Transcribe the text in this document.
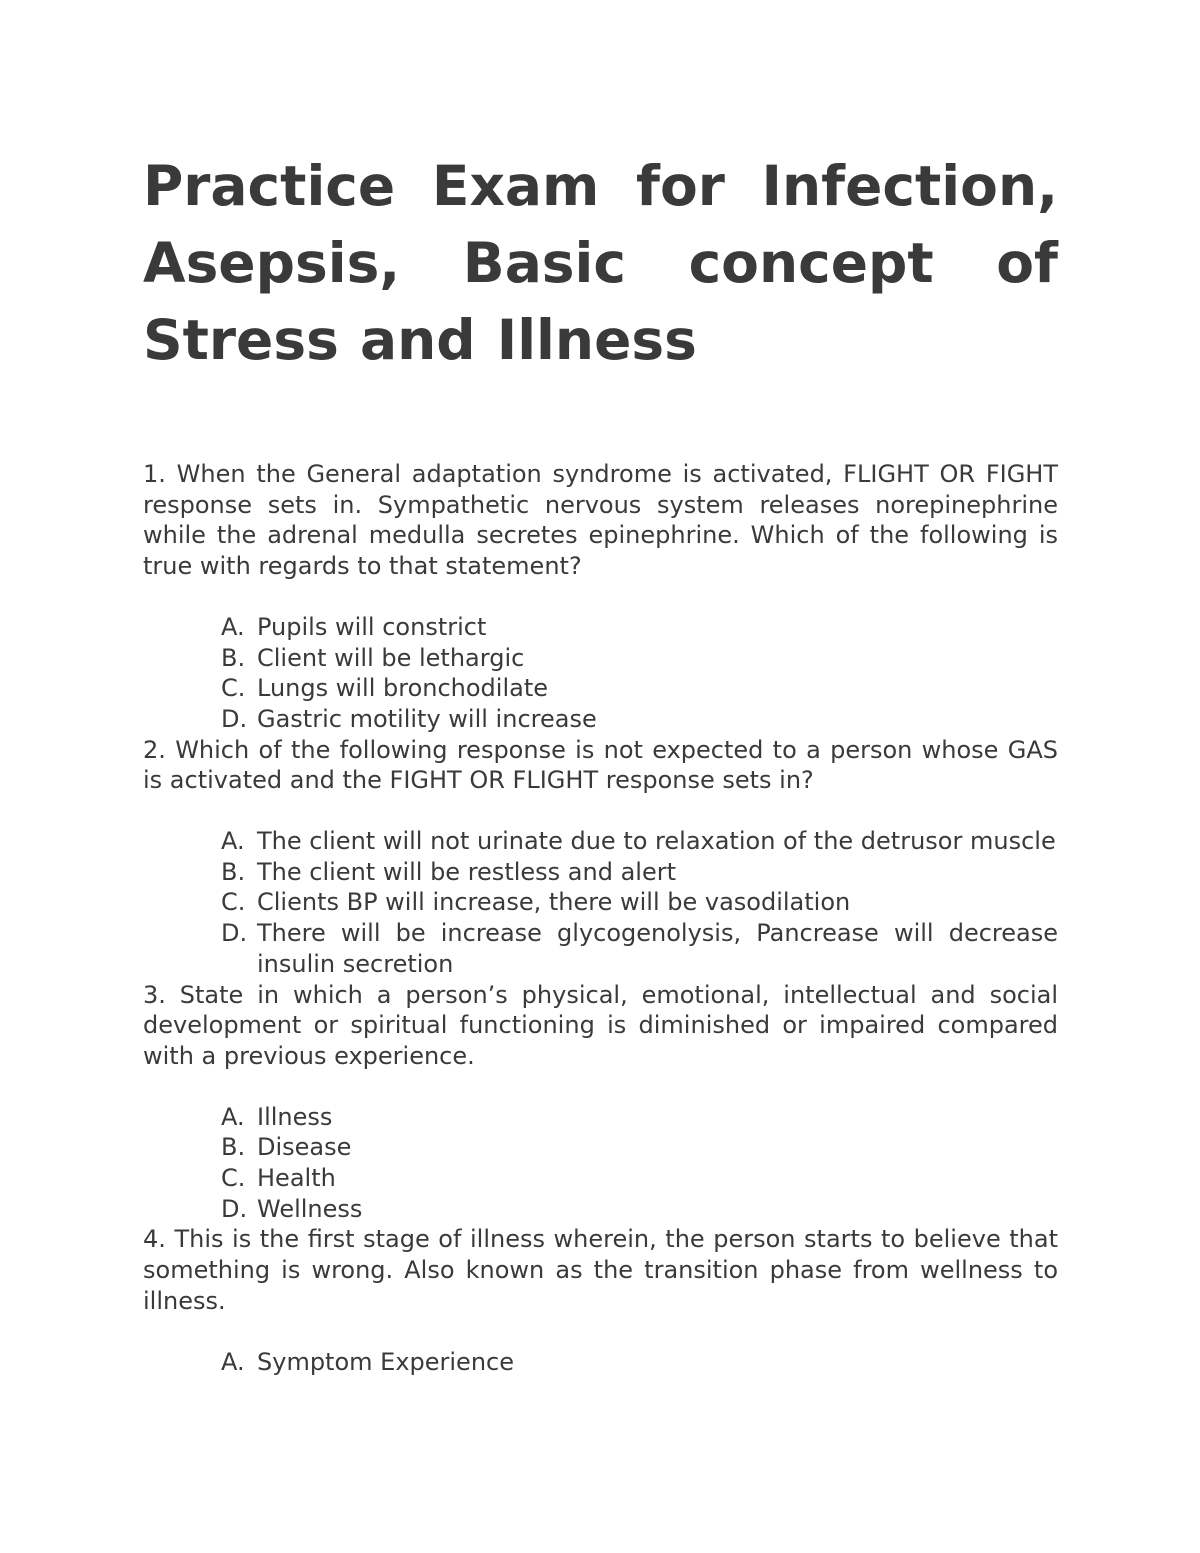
Practice Exam for Infection,
Asepsis, Basic concept of
Stress and Illness

1. When the General adaptation syndrome is activated, FLIGHT OR FIGHT response sets in. Sympathetic nervous system releases norepinephrine while the adrenal medulla secretes epinephrine. Which of the following is true with regards to that statement?

A. Pupils will constrict
B. Client will be lethargic
C. Lungs will bronchodilate
D. Gastric motility will increase

2. Which of the following response is not expected to a person whose GAS is activated and the FIGHT OR FLIGHT response sets in?

A. The client will not urinate due to relaxation of the detrusor muscle
B. The client will be restless and alert
C. Clients BP will increase, there will be vasodilation
D. There will be increase glycogenolysis, Pancrease will decrease insulin secretion

3. State in which a person’s physical, emotional, intellectual and social development or spiritual functioning is diminished or impaired compared with a previous experience.

A. Illness
B. Disease
C. Health
D. Wellness

4. This is the first stage of illness wherein, the person starts to believe that something is wrong. Also known as the transition phase from wellness to illness.

A. Symptom Experience
